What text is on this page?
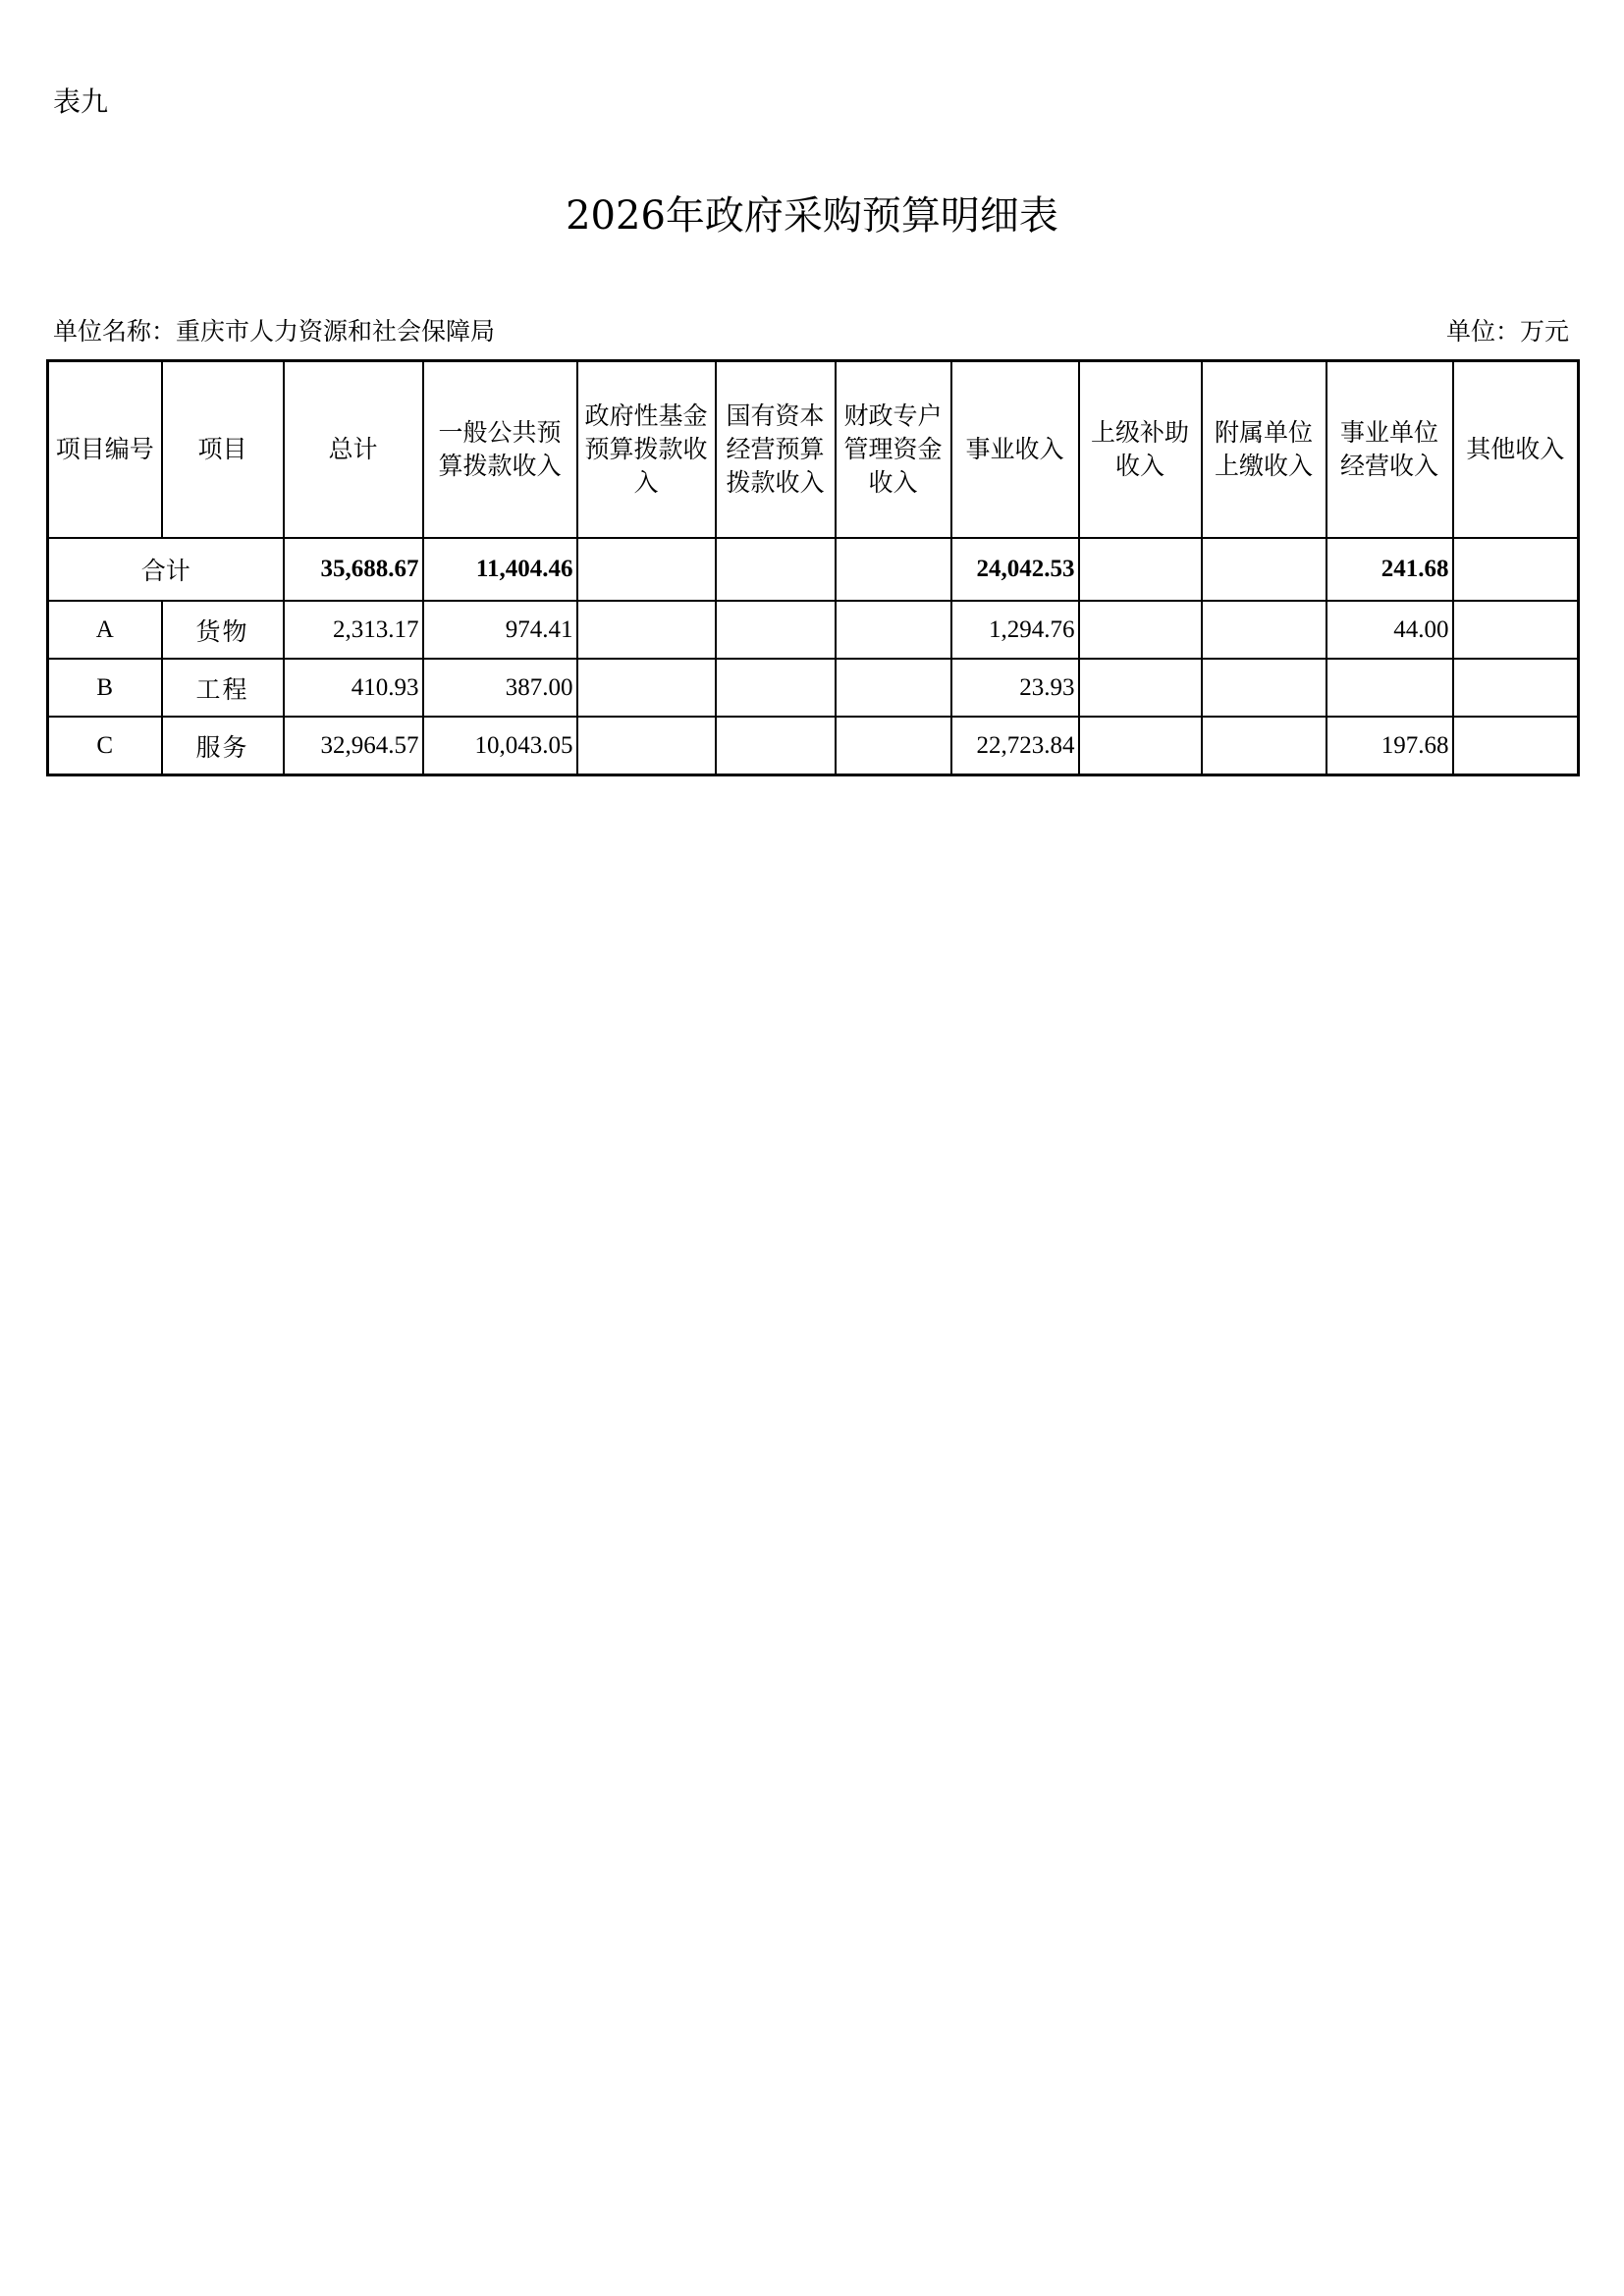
表九
2026年政府采购预算明细表
单位名称：重庆市人力资源和社会保障局	单位：万元
项目编号	项目	总计	一般公共预算拨款收入	政府性基金预算拨款收入	国有资本经营预算拨款收入	财政专户管理资金收入	事业收入	上级补助收入	附属单位上缴收入	事业单位经营收入	其他收入
合计		35,688.67	11,404.46				24,042.53			241.68	
A	货物	2,313.17	974.41				1,294.76			44.00	
B	工程	410.93	387.00				23.93				
C	服务	32,964.57	10,043.05				22,723.84			197.68	
